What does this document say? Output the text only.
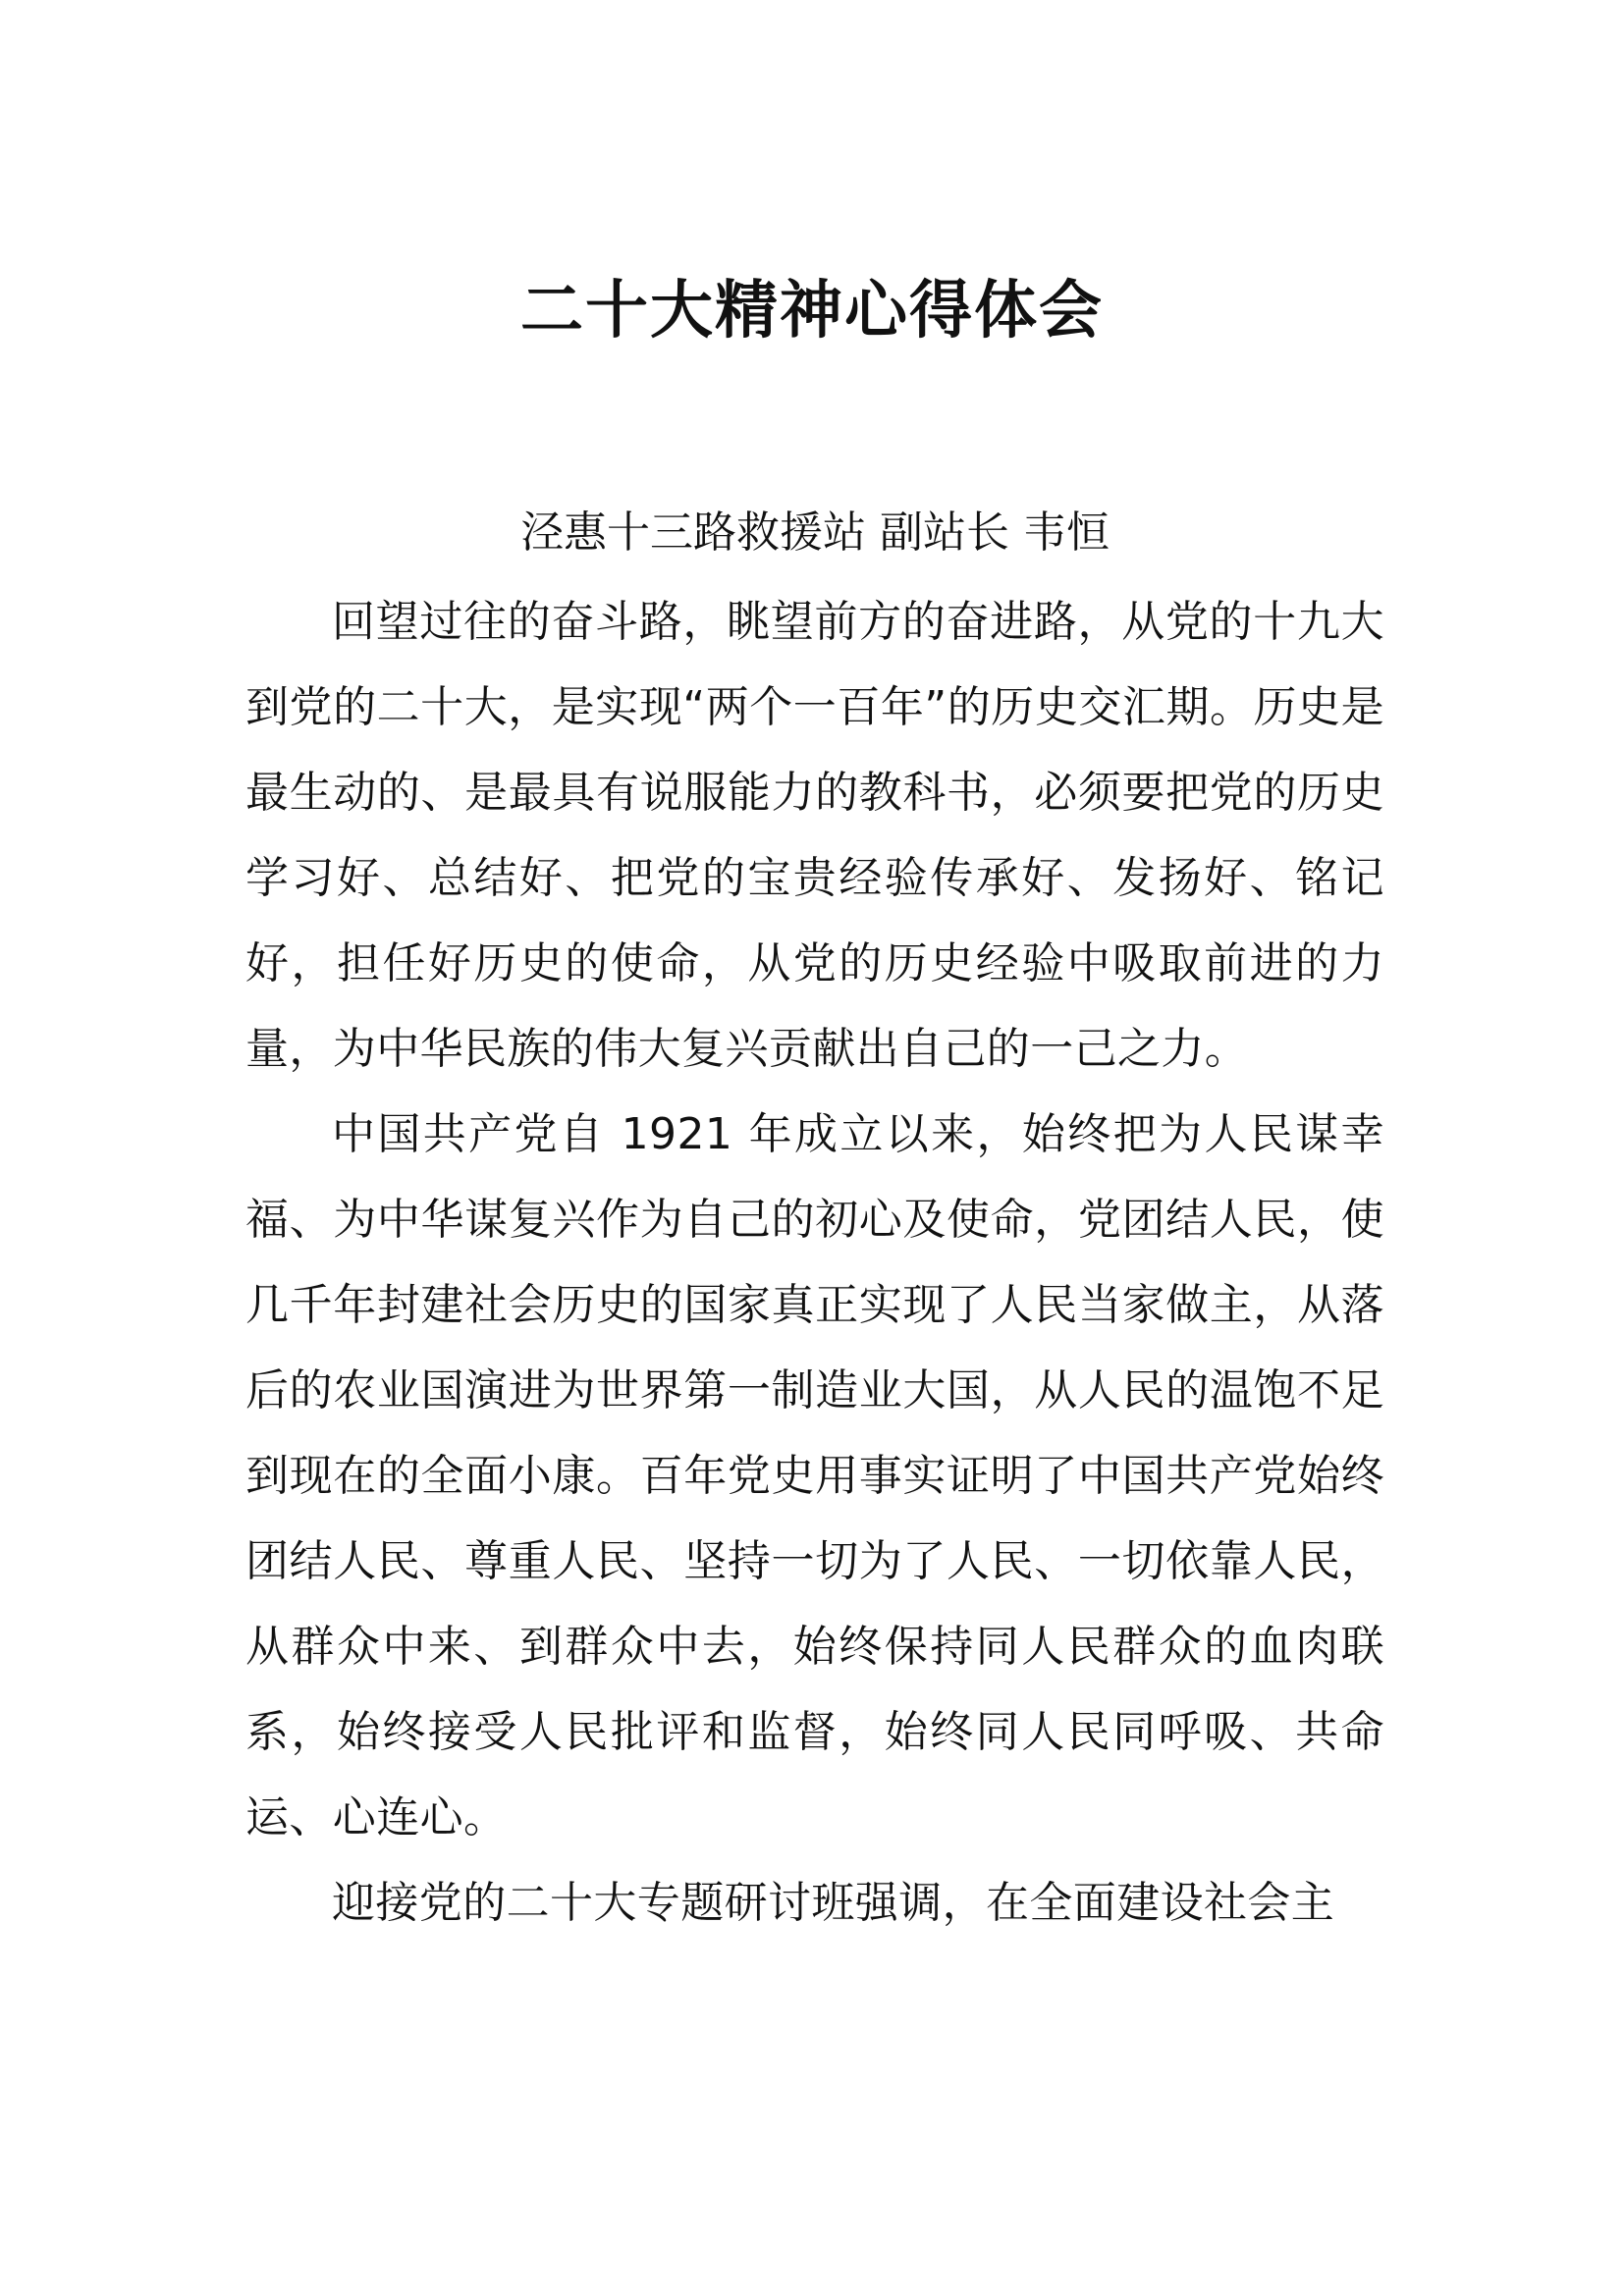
二十大精神心得体会

泾惠十三路救援站 副站长 韦恒

回望过往的奋斗路，眺望前方的奋进路，从党的十九大到党的二十大，是实现“两个一百年”的历史交汇期。历史是最生动的、是最具有说服能力的教科书，必须要把党的历史学习好、总结好、把党的宝贵经验传承好、发扬好、铭记好，担任好历史的使命，从党的历史经验中吸取前进的力量，为中华民族的伟大复兴贡献出自己的一己之力。

中国共产党自 1921 年成立以来，始终把为人民谋幸福、为中华谋复兴作为自己的初心及使命，党团结人民，使几千年封建社会历史的国家真正实现了人民当家做主，从落后的农业国演进为世界第一制造业大国，从人民的温饱不足到现在的全面小康。百年党史用事实证明了中国共产党始终团结人民、尊重人民、坚持一切为了人民、一切依靠人民，从群众中来、到群众中去，始终保持同人民群众的血肉联系，始终接受人民批评和监督，始终同人民同呼吸、共命运、心连心。

迎接党的二十大专题研讨班强调，在全面建设社会主
